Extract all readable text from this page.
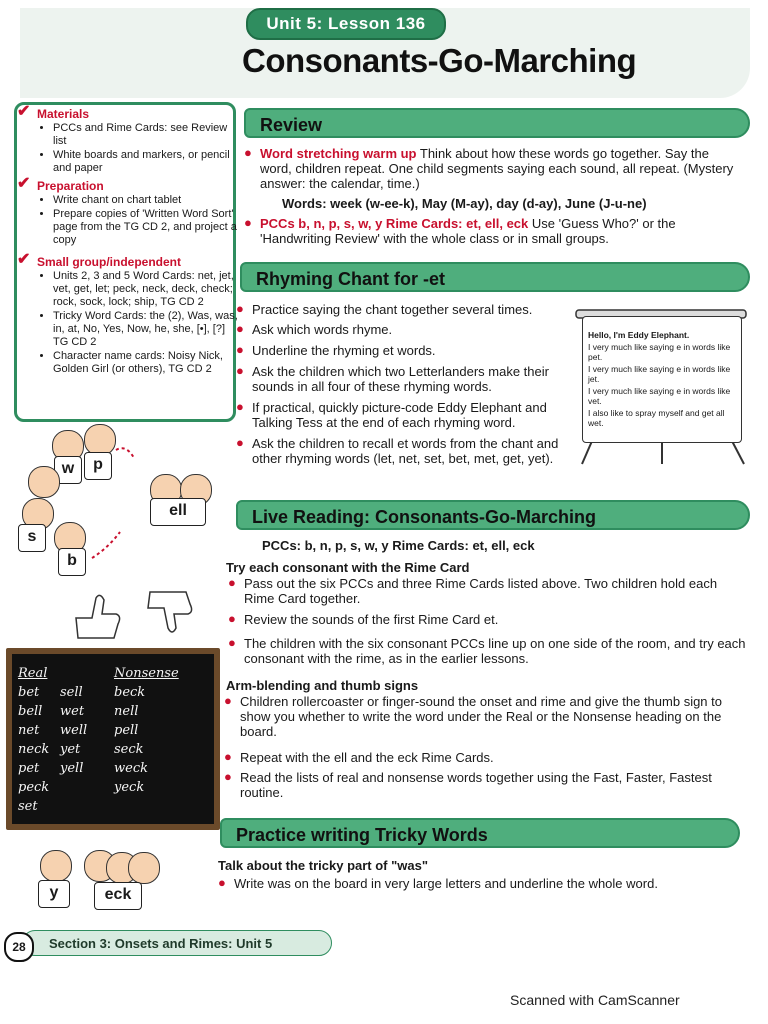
Unit 5: Lesson 136
Consonants-Go-Marching
✔ Materials
• PCCs and Rime Cards: see Review list
• White boards and markers, or pencil and paper
✔ Preparation
• Write chant on chart tablet
• Prepare copies of 'Written Word Sort' page from the TG CD 2, and project a copy
✔ Small group/independent
• Units 2, 3 and 5 Word Cards: net, jet, vet, get, let; peck, neck, deck, check; rock, sock, lock; ship, TG CD 2
• Tricky Word Cards: the (2), Was, was, in, at, No, Yes, Now, he, she, [•], [?] TG CD 2
• Character name cards: Noisy Nick, Golden Girl (or others), TG CD 2
Review
● Word stretching warm up Think about how these words go together. Say the word, children repeat. One child segments saying each sound, all repeat. (Mystery answer: the calendar, time.)
Words: week (w-ee-k), May (M-ay), day (d-ay), June (J-u-ne)
● PCCs b, n, p, s, w, y Rime Cards: et, ell, eck Use 'Guess Who?' or the 'Handwriting Review' with the whole class or in small groups.
Rhyming Chant for -et
● Practice saying the chant together several times.
● Ask which words rhyme.
● Underline the rhyming et words.
● Ask the children which two Letterlanders make their sounds in all four of these rhyming words.
● If practical, quickly picture-code Eddy Elephant and Talking Tess at the end of each rhyming word.
● Ask the children to recall et words from the chant and other rhyming words (let, net, set, bet, met, get, yet).
Hello, I'm Eddy Elephant.
I very much like saying e in words like pet.
I very much like saying e in words like jet.
I very much like saying e in words like vet.
I also like to spray myself and get all wet.
Live Reading: Consonants-Go-Marching
PCCs: b, n, p, s, w, y Rime Cards: et, ell, eck
Try each consonant with the Rime Card
● Pass out the six PCCs and three Rime Cards listed above. Two children hold each Rime Card together.
● Review the sounds of the first Rime Card et.
● The children with the six consonant PCCs line up on one side of the room, and try each consonant with the rime, as in the earlier lessons.
Arm-blending and thumb signs
● Children rollercoaster or finger-sound the onset and rime and give the thumb sign to show you whether to write the word under the Real or the Nonsense heading on the board.
● Repeat with the ell and the eck Rime Cards.
● Read the lists of real and nonsense words together using the Fast, Faster, Fastest routine.
Practice writing Tricky Words
Talk about the tricky part of "was"
● Write was on the board in very large letters and underline the whole word.
w	p
s
b
ell
Real
bet
bell
net
neck
pet
peck
set
sell
wet
well
yet
yell
Nonsense
beck
nell
pell
seck
weck
yeck
y	eck
Section 3: Onsets and Rimes: Unit 5
28
Scanned with CamScanner
